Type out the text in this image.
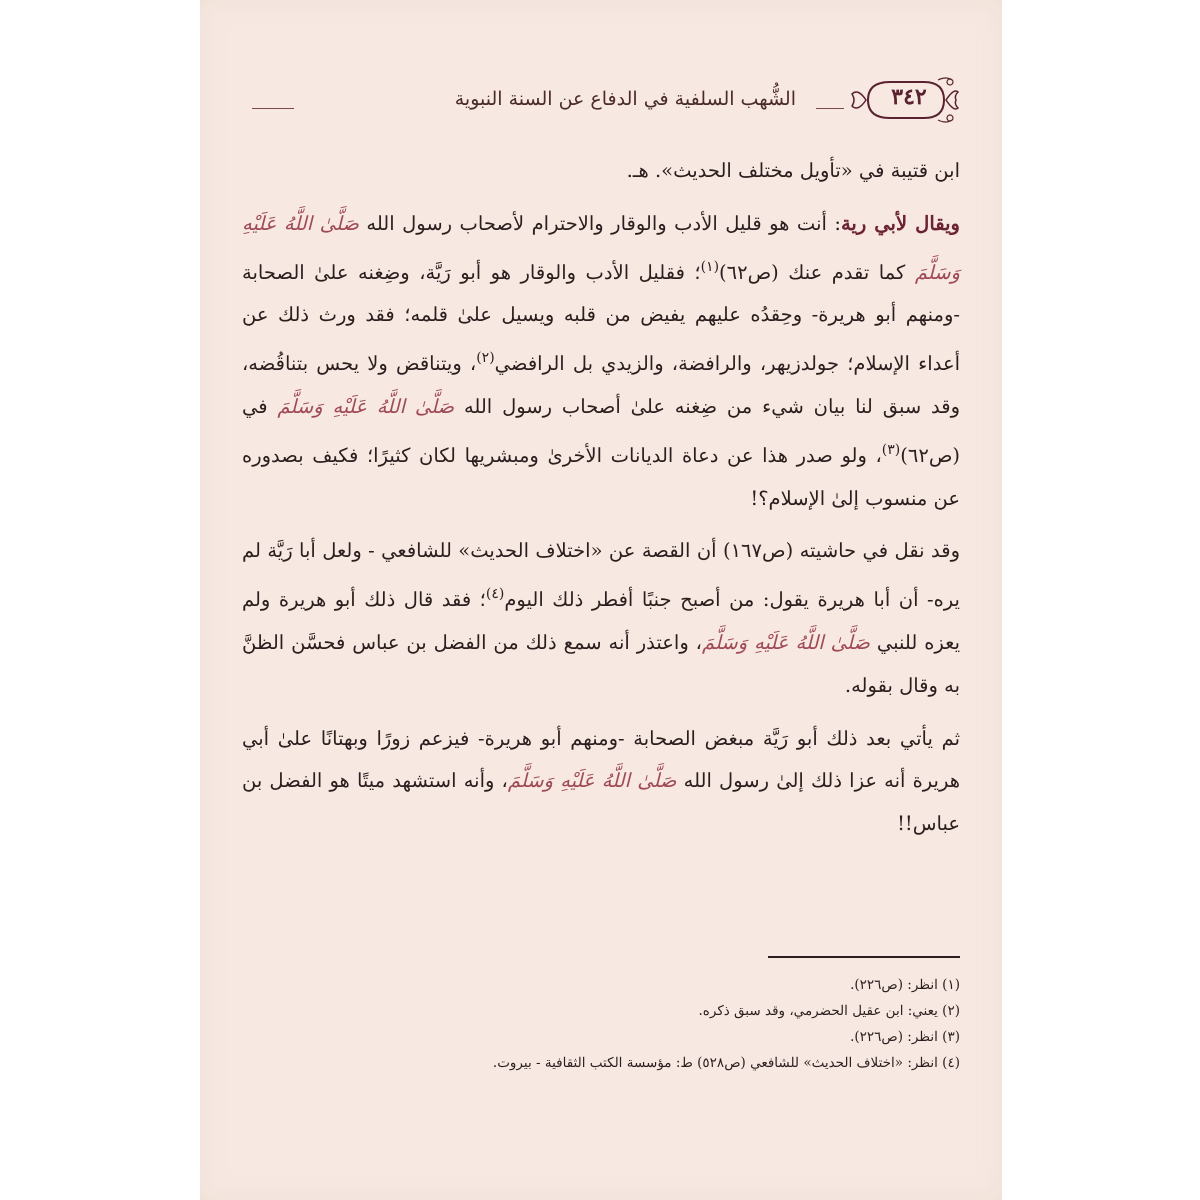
الشُّهب السلفية في الدفاع عن السنة النبوية	٣٤٢

ابن قتيبة في «تأويل مختلف الحديث». هـ.

ويقال لأبي رية: أنت هو قليل الأدب والوقار والاحترام لأصحاب رسول الله صَلَّىٰ اللَّهُ عَلَيْهِ وَسَلَّمَ كما تقدم عنك (ص٦٢)$^{(١)}$؛ فقليل الأدب والوقار هو أبو رَيَّة، وضِغنه علىٰ الصحابة -ومنهم أبو هريرة- وحِقدُه عليهم يفيض من قلبه ويسيل علىٰ قلمه؛ فقد ورث ذلك عن أعداء الإسلام؛ جولدزيهر، والرافضة، والزيدي بل الرافضي$^{(٢)}$، ويتناقض ولا يحس بتناقُضه، وقد سبق لنا بيان شيء من ضِغنه علىٰ أصحاب رسول الله صَلَّىٰ اللَّهُ عَلَيْهِ وَسَلَّمَ في (ص٦٢)$^{(٣)}$، ولو صدر هذا عن دعاة الديانات الأخرىٰ ومبشريها لكان كثيرًا؛ فكيف بصدوره عن منسوب إلىٰ الإسلام؟!

وقد نقل في حاشيته (ص١٦٧) أن القصة عن «اختلاف الحديث» للشافعي - ولعل أبا رَيَّة لم يره- أن أبا هريرة يقول: من أصبح جنبًا أفطر ذلك اليوم$^{(٤)}$؛ فقد قال ذلك أبو هريرة ولم يعزه للنبي صَلَّىٰ اللَّهُ عَلَيْهِ وَسَلَّمَ، واعتذر أنه سمع ذلك من الفضل بن عباس فحسَّن الظنَّ به وقال بقوله.

ثم يأتي بعد ذلك أبو رَيَّة مبغض الصحابة -ومنهم أبو هريرة- فيزعم زورًا وبهتانًا علىٰ أبي هريرة أنه عزا ذلك إلىٰ رسول الله صَلَّىٰ اللَّهُ عَلَيْهِ وَسَلَّمَ، وأنه استشهد ميتًا هو الفضل بن عباس!!

(١) انظر: (ص٢٢٦).

(٢) يعني: ابن عقيل الحضرمي، وقد سبق ذكره.

(٣) انظر: (ص٢٢٦).

(٤) انظر: «اختلاف الحديث» للشافعي (ص٥٢٨) ط: مؤسسة الكتب الثقافية - بيروت.
